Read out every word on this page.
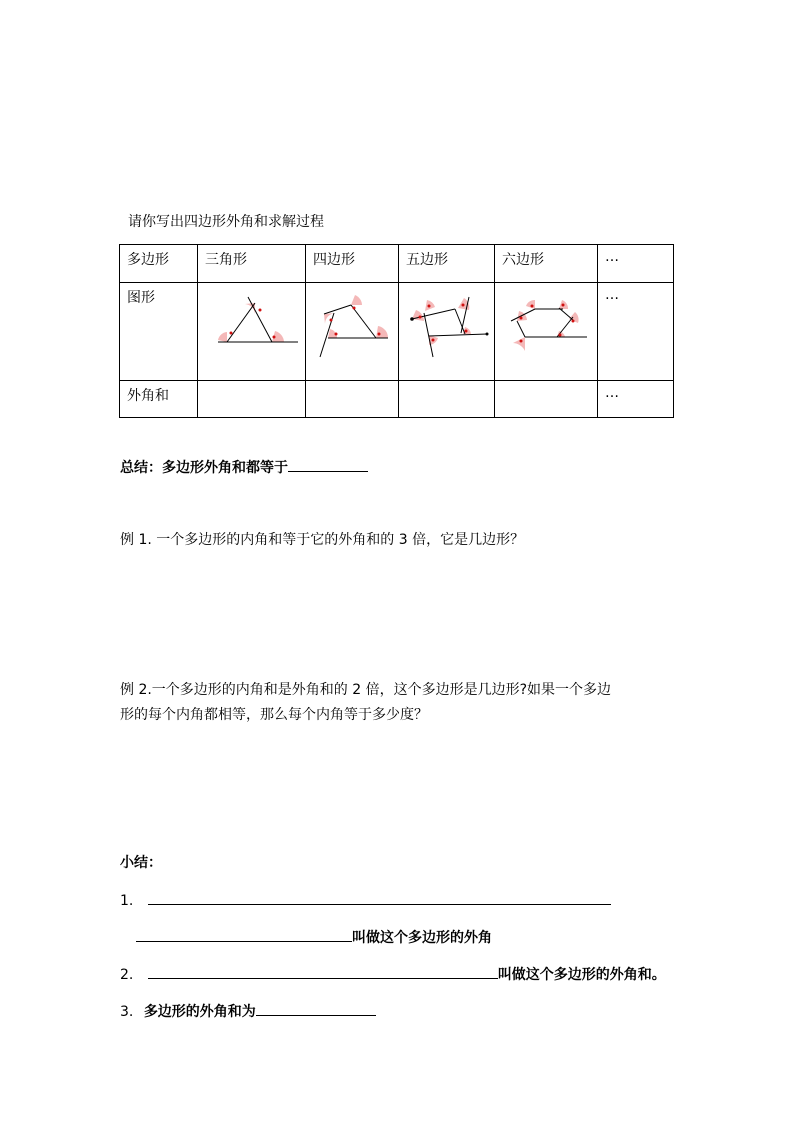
请你写出四边形外角和求解过程
多边形	三角形	四边形	五边形	六边形	…
图形					…
外角和					…
总结：多边形外角和都等于
例 1. 一个多边形的内角和等于它的外角和的 3 倍，它是几边形？
例 2.一个多边形的内角和是外角和的 2 倍，这个多边形是几边形?如果一个多边
形的每个内角都相等，那么每个内角等于多少度？
小结：
1.
叫做这个多边形的外角
2.	叫做这个多边形的外角和。
3. 多边形的外角和为
